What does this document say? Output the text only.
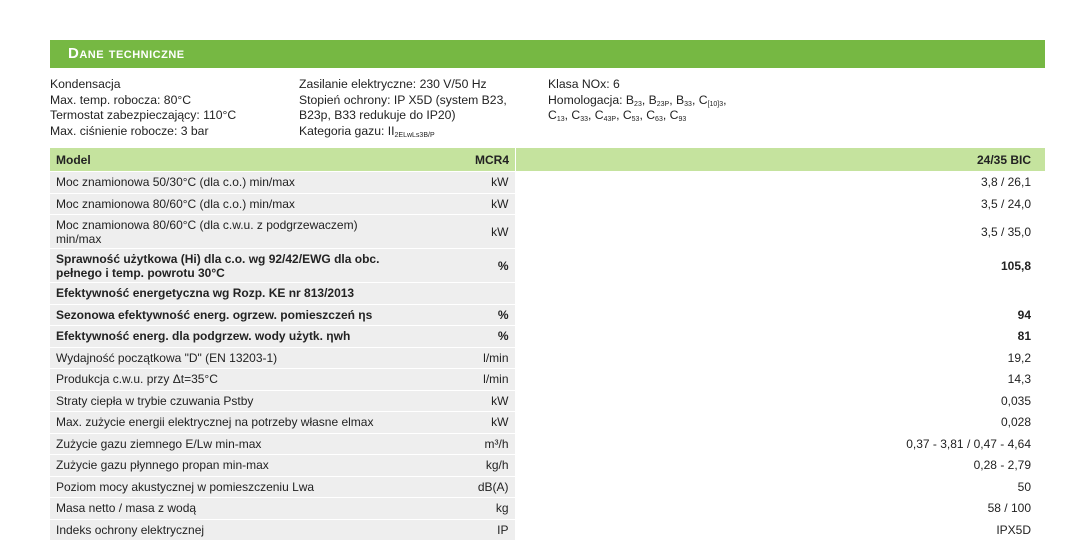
Dane techniczne
Kondensacja
Max. temp. robocza: 80°C
Termostat zabezpieczający: 110°C
Max. ciśnienie robocze: 3 bar
Zasilanie elektryczne: 230 V/50 Hz
Stopień ochrony: IP X5D (system B23,
B23p, B33 redukuje do IP20)
Kategoria gazu: $II_{2ELwLs3B/P}$
Klasa NOx: 6
Homologacja: $B_{23}$, $B_{23P}$, $B_{33}$, $C_{[10]3}$,
$C_{13}$, $C_{33}$, $C_{43P}$, $C_{53}$, $C_{63}$, $C_{93}$
Model		MCR4	24/35 BIC
Moc znamionowa 50/30°C (dla c.o.) min/max		kW	3,8 / 26,1
Moc znamionowa 80/60°C (dla c.o.) min/max		kW	3,5 / 24,0
Moc znamionowa 80/60°C (dla c.w.u. z podgrzewaczem) min/max		kW	3,5 / 35,0
Sprawność użytkowa (Hi) dla c.o. wg 92/42/EWG dla obc. pełnego i temp. powrotu 30°C		%	105,8
Efektywność energetyczna wg Rozp. KE nr 813/2013			
Sezonowa efektywność energ. ogrzew. pomieszczeń ηs		%	94
Efektywność energ. dla podgrzew. wody użytk. ηwh		%	81
Wydajność początkowa "D" (EN 13203-1)		l/min	19,2
Produkcja c.w.u. przy Δt=35°C		l/min	14,3
Straty ciepła w trybie czuwania Pstby		kW	0,035
Max. zużycie energii elektrycznej na potrzeby własne elmax		kW	0,028
Zużycie gazu ziemnego E/Lw min-max		m³/h	0,37 - 3,81 / 0,47 - 4,64
Zużycie gazu płynnego propan min-max		kg/h	0,28 - 2,79
Poziom mocy akustycznej w pomieszczeniu Lwa		dB(A)	50
Masa netto / masa z wodą		kg	58 / 100
Indeks ochrony elektrycznej		IP	IPX5D
